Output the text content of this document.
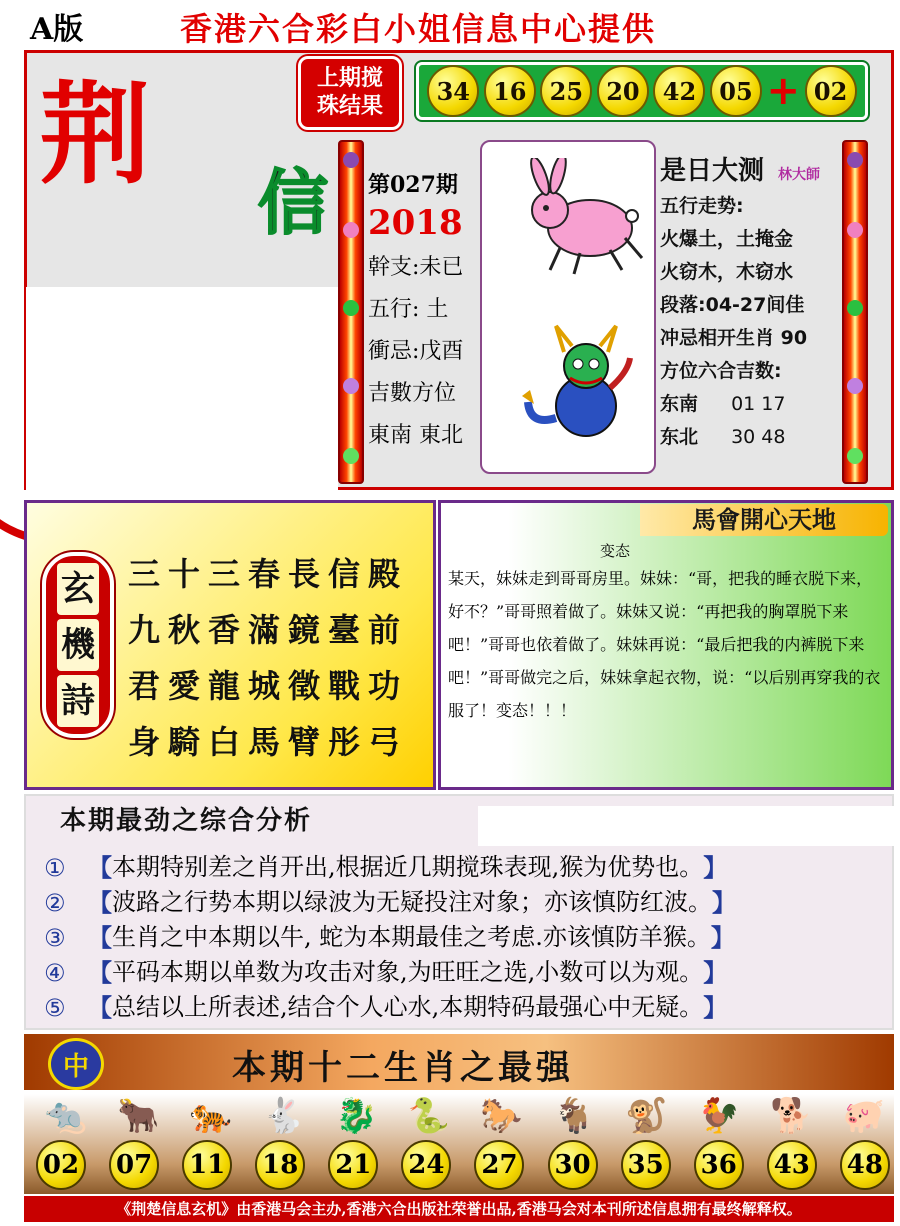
A版	香港六合彩白小姐信息中心提供
荆
信
上期搅
珠结果
34 16 25 20 42 05 + 02
第027期
2018
幹支:未已
五行: 土
衝忌:戊酉
吉數方位
東南 東北
是日大测 林大師
五行走势:
火爆土，土掩金
火窃木，木窃水
段落:04-27间佳
冲忌相开生肖 90
方位六合吉数:
东南 01 17
东北 30 48
玄
機
詩
三十三春長信殿
九秋香滿鏡臺前
君愛龍城徵戰功
身騎白馬臂彤弓
馬會開心天地
变态
某天，妹妹走到哥哥房里。妹妹：“哥，把我的睡衣脱下来，好不？”哥哥照着做了。妹妹又说：“再把我的胸罩脱下来吧！”哥哥也依着做了。妹妹再说：“最后把我的内裤脱下来吧！”哥哥做完之后，妹妹拿起衣物，说：“以后别再穿我的衣服了！变态！！！
本期最劲之综合分析
① 【 本期特别差之肖开出,根据近几期搅珠表现,猴为优势也。 】
② 【 波路之行势本期以绿波为无疑投注对象；亦该慎防红波。 】
③ 【 生肖之中本期以牛, 蛇为本期最佳之考虑.亦该慎防羊猴。 】
④ 【 平码本期以单数为攻击对象,为旺旺之选,小数可以为观。 】
⑤ 【 总结以上所表述,结合个人心水,本期特码最强心中无疑。 】
中	本期十二生肖之最强
🐀 🐂 🐅 🐇 🐉 🐍 🐎 🐐 🐒 🐓 🐕 🐖
02 07 11 18 21 24 27 30 35 36 43 48
《荆楚信息玄机》由香港马会主办,香港六合出版社荣誉出品,香港马会对本刊所述信息拥有最终解释权。
